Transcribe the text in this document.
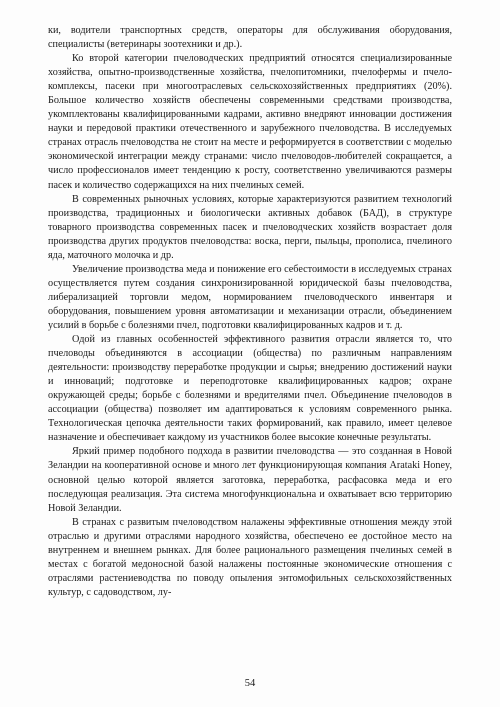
ки, водители транспортных средств, операторы для обслуживания оборудования, специалисты (ветеринары зоотехники и др.).

Ко второй категории пчеловодческих предприятий относятся специализированные хозяйства, опытно-производственные хозяйства, пчелопитомники, пчелофермы и пчело-комплексы, пасеки при многоотраслевых сельскохозяйственных предприятиях (20%). Большое количество хозяйств обеспечены современными средствами производства, укомплектованы квалифицированными кадрами, активно внедряют инновации достижения науки и передовой практики отечественного и зарубежного пчеловодства. В исследуемых странах отрасль пчеловодства не стоит на месте и реформируется в соответствии с моделью экономической интеграции между странами: число пчеловодов-любителей сокращается, а число профессионалов имеет тенденцию к росту, соответственно увеличиваются размеры пасек и количество содержащихся на них пчелиных семей.

В современных рыночных условиях, которые характеризуются развитием технологий производства, традиционных и биологически активных добавок (БАД), в структуре товарного производства современных пасек и пчеловодческих хозяйств возрастает доля производства других продуктов пчеловодства: воска, перги, пыльцы, прополиса, пчелиного яда, маточного молочка и др.

Увеличение производства меда и понижение его себестоимости в исследуемых странах осуществляется путем создания синхронизированной юридической базы пчеловодства, либерализацией торговли медом, нормированием пчеловодческого инвентаря и оборудования, повышением уровня автоматизации и механизации отрасли, объединением усилий в борьбе с болезнями пчел, подготовки квалифицированных кадров и т. д.

Одой из главных особенностей эффективного развития отрасли является то, что пчеловоды объединяются в ассоциации (общества) по различным направлениям деятельности: производству переработке продукции и сырья; внедрению достижений науки и инноваций; подготовке и переподготовке квалифицированных кадров; охране окружающей среды; борьбе с болезнями и вредителями пчел. Объединение пчеловодов в ассоциации (общества) позволяет им адаптироваться к условиям современного рынка. Технологическая цепочка деятельности таких формирований, как правило, имеет целевое назначение и обеспечивает каждому из участников более высокие конечные результаты.

Яркий пример подобного подхода в развитии пчеловодства — это созданная в Новой Зеландии на кооперативной основе и много лет функционирующая компания Arataki Honey, основной целью которой является заготовка, переработка, расфасовка меда и его последующая реализация. Эта система многофункциональна и охватывает всю территорию Новой Зеландии.

В странах с развитым пчеловодством налажены эффективные отношения между этой отраслью и другими отраслями народного хозяйства, обеспечено ее достойное место на внутреннем и внешнем рынках. Для более рационального размещения пчелиных семей в местах с богатой медоносной базой налажены постоянные экономические отношения с отраслями растениеводства по поводу опыления энтомофильных сельскохозяйственных культур, с садоводством, лу-

54
